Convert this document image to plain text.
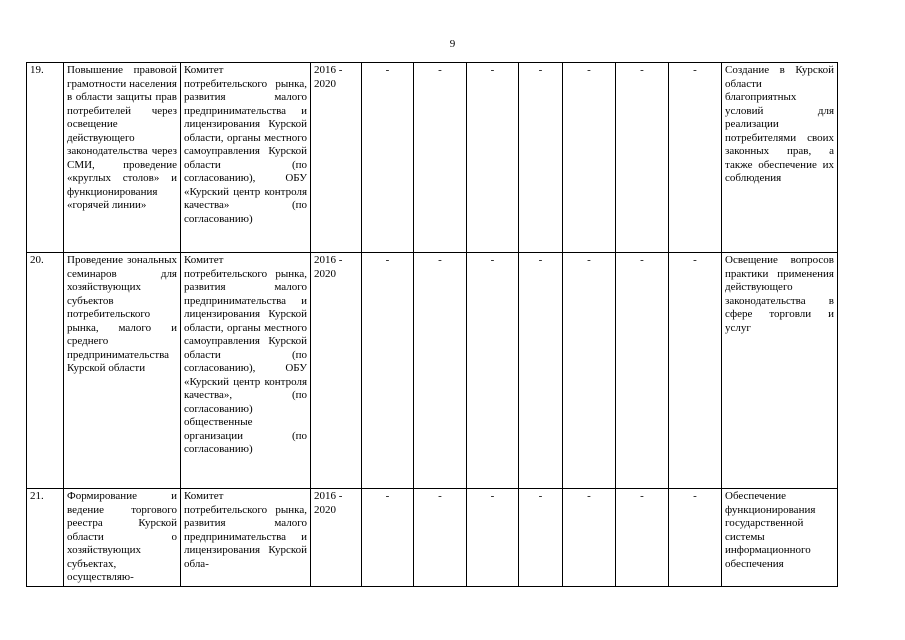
9
19.	Повышение правовой грамотности населения в области защиты прав потребителей через освещение действующего законодательства через СМИ, проведение «круглых столов» и функционирования «горячей линии»	Комитет потребительского рынка, развития малого предпринимательства и лицензирования Курской области, органы местного самоуправления Курской области (по согласованию), ОБУ «Курский центр контроля качества» (по согласованию)	2016 - 2020	-	-	-	-	-	-	-	Создание в Курской области благоприятных условий для реализации потребителями своих законных прав, а также обеспечение их соблюдения
20.	Проведение зональных семинаров для хозяйствующих субъектов потребительского рынка, малого и среднего предпринимательства Курской области	Комитет потребительского рынка, развития малого предпринимательства и лицензирования Курской области, органы местного самоуправления Курской области (по согласованию), ОБУ «Курский центр контроля качества», (по согласованию) общественные организации (по согласованию)	2016 - 2020	-	-	-	-	-	-	-	Освещение вопросов практики применения действующего законодательства в сфере торговли и услуг
21.	Формирование и ведение торгового реестра Курской области о хозяйствующих субъектах, осуществляю-	Комитет потребительского рынка, развития малого предпринимательства и лицензирования Курской обла-	2016 - 2020	-	-	-	-	-	-	-	Обеспечение функционирования государственной системы информационного обеспечения
